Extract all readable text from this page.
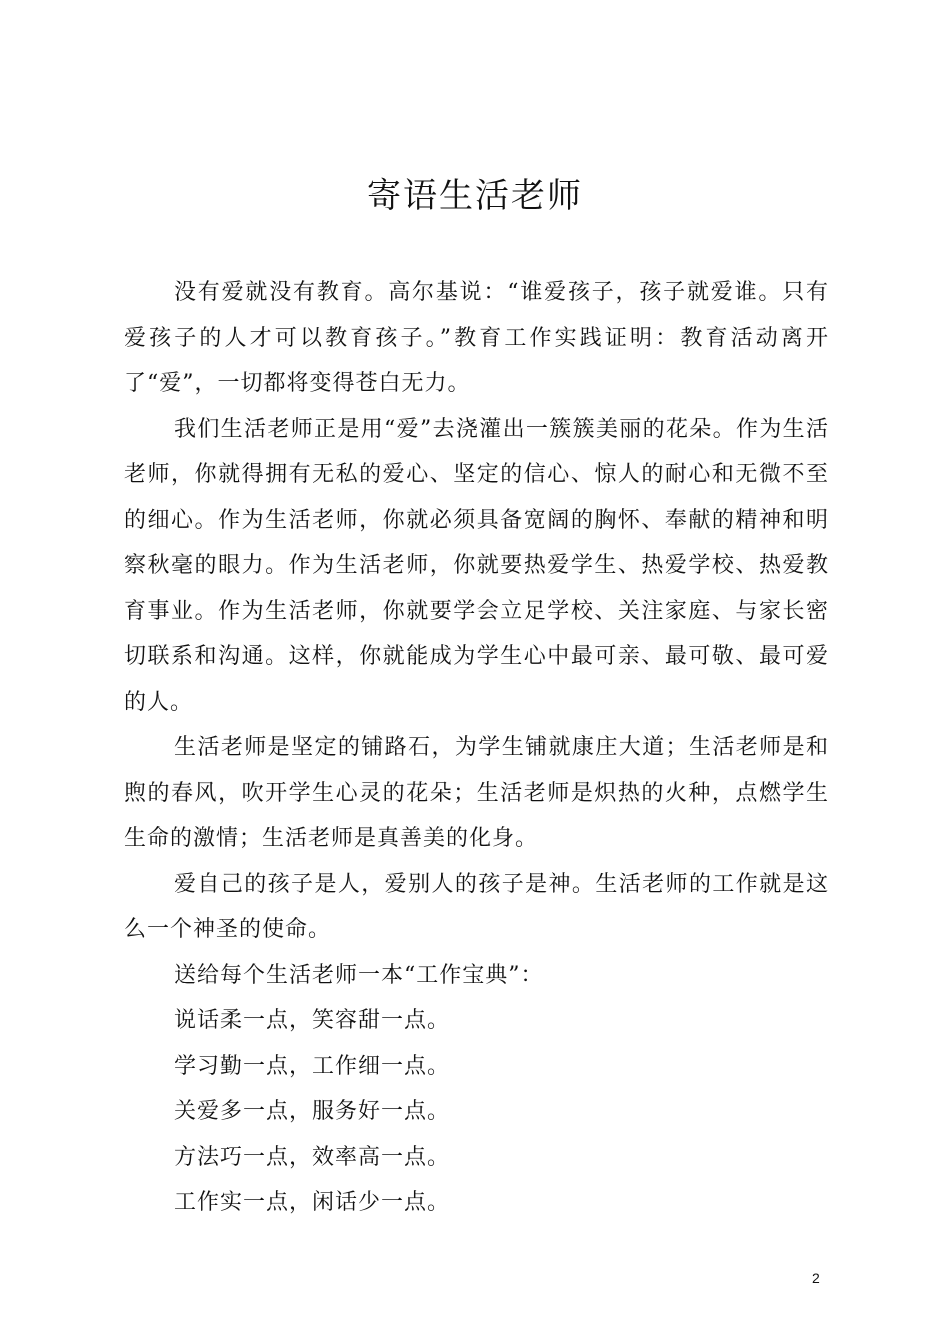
寄语生活老师

没有爱就没有教育。高尔基说：“谁爱孩子，孩子就爱谁。只有爱孩子的人才可以教育孩子。”教育工作实践证明：教育活动离开了“爱”，一切都将变得苍白无力。

我们生活老师正是用“爱”去浇灌出一簇簇美丽的花朵。作为生活老师，你就得拥有无私的爱心、坚定的信心、惊人的耐心和无微不至的细心。作为生活老师，你就必须具备宽阔的胸怀、奉献的精神和明察秋毫的眼力。作为生活老师，你就要热爱学生、热爱学校、热爱教育事业。作为生活老师，你就要学会立足学校、关注家庭、与家长密切联系和沟通。这样，你就能成为学生心中最可亲、最可敬、最可爱的人。

生活老师是坚定的铺路石，为学生铺就康庄大道；生活老师是和煦的春风，吹开学生心灵的花朵；生活老师是炽热的火种，点燃学生生命的激情；生活老师是真善美的化身。

爱自己的孩子是人，爱别人的孩子是神。生活老师的工作就是这么一个神圣的使命。

送给每个生活老师一本“工作宝典”：

说话柔一点，笑容甜一点。

学习勤一点，工作细一点。

关爱多一点，服务好一点。

方法巧一点，效率高一点。

工作实一点，闲话少一点。

2
